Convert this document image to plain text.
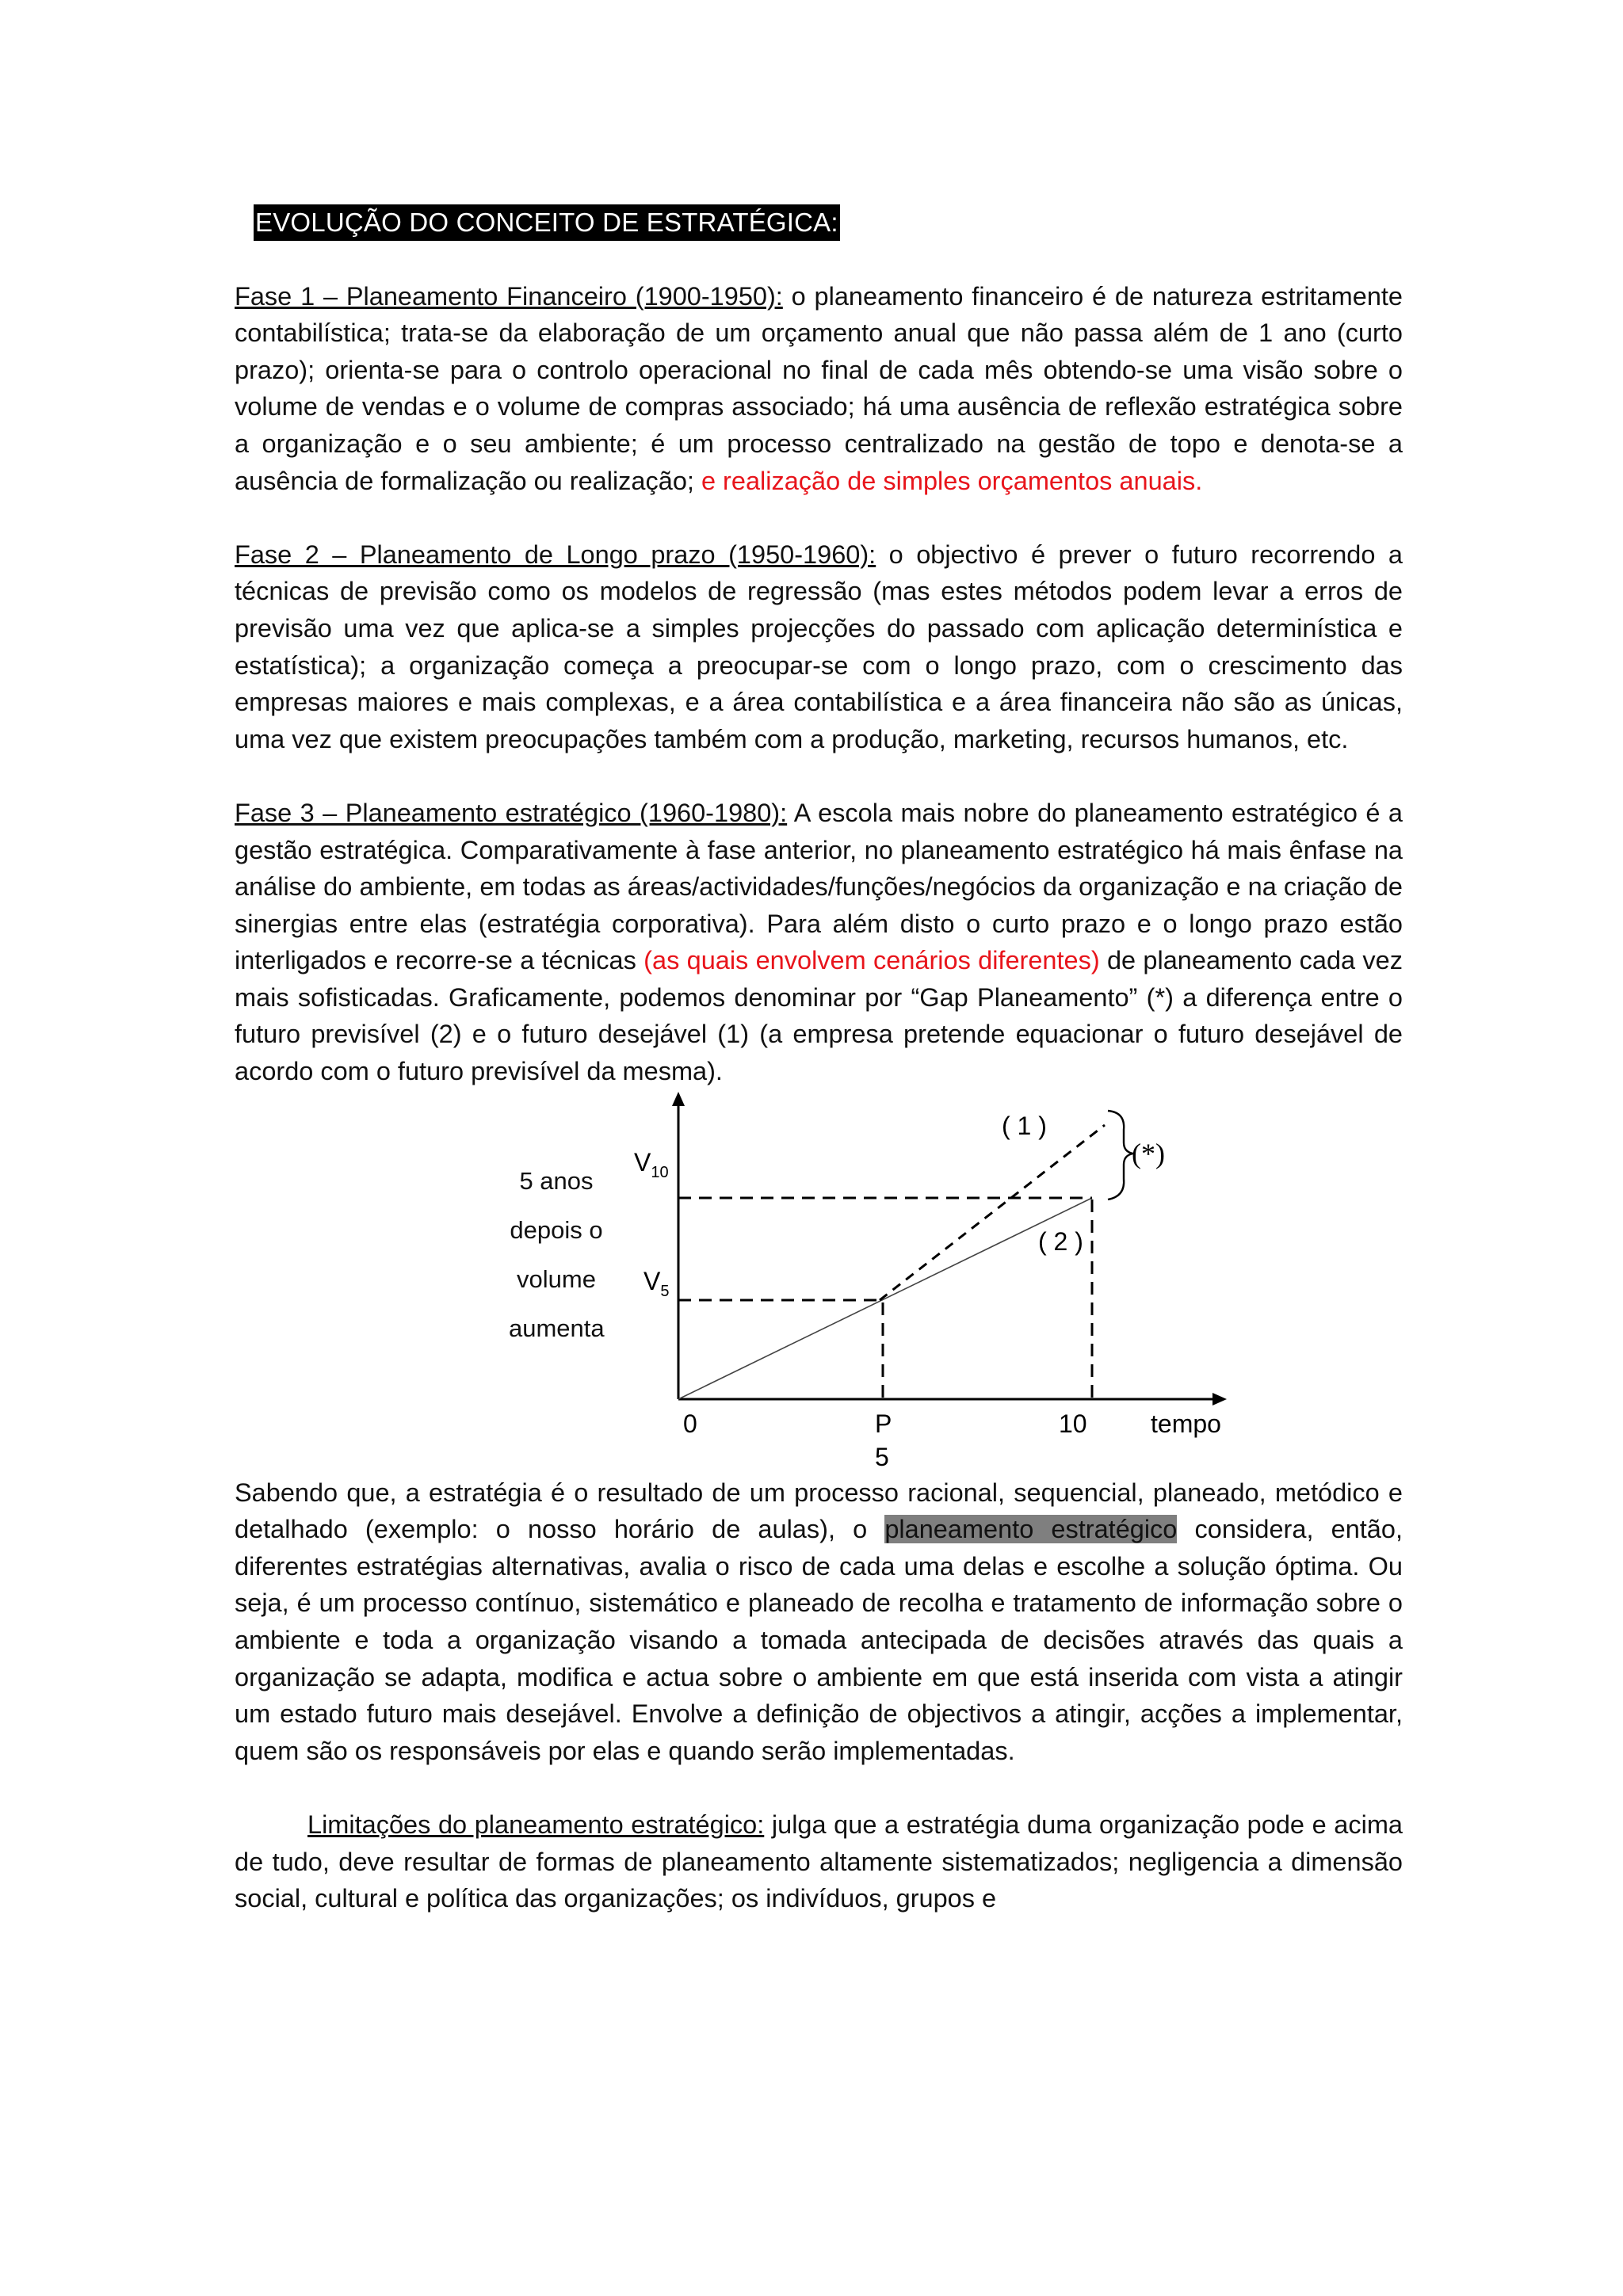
EVOLUÇÃO DO CONCEITO DE ESTRATÉGICA:

Fase 1 – Planeamento Financeiro (1900-1950): o planeamento financeiro é de natureza estritamente contabilística; trata-se da elaboração de um orçamento anual que não passa além de 1 ano (curto prazo); orienta-se para o controlo operacional no final de cada mês obtendo-se uma visão sobre o volume de vendas e o volume de compras associado; há uma ausência de reflexão estratégica sobre a organização e o seu ambiente; é um processo centralizado na gestão de topo e denota-se a ausência de formalização ou realização; e realização de simples orçamentos anuais.

Fase 2 – Planeamento de Longo prazo (1950-1960): o objectivo é prever o futuro recorrendo a técnicas de previsão como os modelos de regressão (mas estes métodos podem levar a erros de previsão uma vez que aplica-se a simples projecções do passado com aplicação determinística e estatística); a organização começa a preocupar-se com o longo prazo, com o crescimento das empresas maiores e mais complexas, e a área contabilística e a área financeira não são as únicas, uma vez que existem preocupações também com a produção, marketing, recursos humanos, etc.

Fase 3 – Planeamento estratégico (1960-1980): A escola mais nobre do planeamento estratégico é a gestão estratégica. Comparativamente à fase anterior, no planeamento estratégico há mais ênfase na análise do ambiente, em todas as áreas/actividades/funções/negócios da organização e na criação de sinergias entre elas (estratégia corporativa). Para além disto o curto prazo e o longo prazo estão interligados e recorre-se a técnicas (as quais envolvem cenários diferentes) de planeamento cada vez mais sofisticadas. Graficamente, podemos denominar por “Gap Planeamento” (*) a diferença entre o futuro previsível (2) e o futuro desejável (1) (a empresa pretende equacionar o futuro desejável de acordo com o futuro previsível da mesma).

5 anos
depois o
volume
aumenta
$V_{10}$
$V_5$
( 1 )
( 2 )
(*)
0	P
5
10	tempo

Sabendo que, a estratégia é o resultado de um processo racional, sequencial, planeado, metódico e detalhado (exemplo: o nosso horário de aulas), o planeamento estratégico considera, então, diferentes estratégias alternativas, avalia o risco de cada uma delas e escolhe a solução óptima. Ou seja, é um processo contínuo, sistemático e planeado de recolha e tratamento de informação sobre o ambiente e toda a organização visando a tomada antecipada de decisões através das quais a organização se adapta, modifica e actua sobre o ambiente em que está inserida com vista a atingir um estado futuro mais desejável. Envolve a definição de objectivos a atingir, acções a implementar, quem são os responsáveis por elas e quando serão implementadas.

Limitações do planeamento estratégico: julga que a estratégia duma organização pode e acima de tudo, deve resultar de formas de planeamento altamente sistematizados; negligencia a dimensão social, cultural e política das organizações; os indivíduos, grupos e
